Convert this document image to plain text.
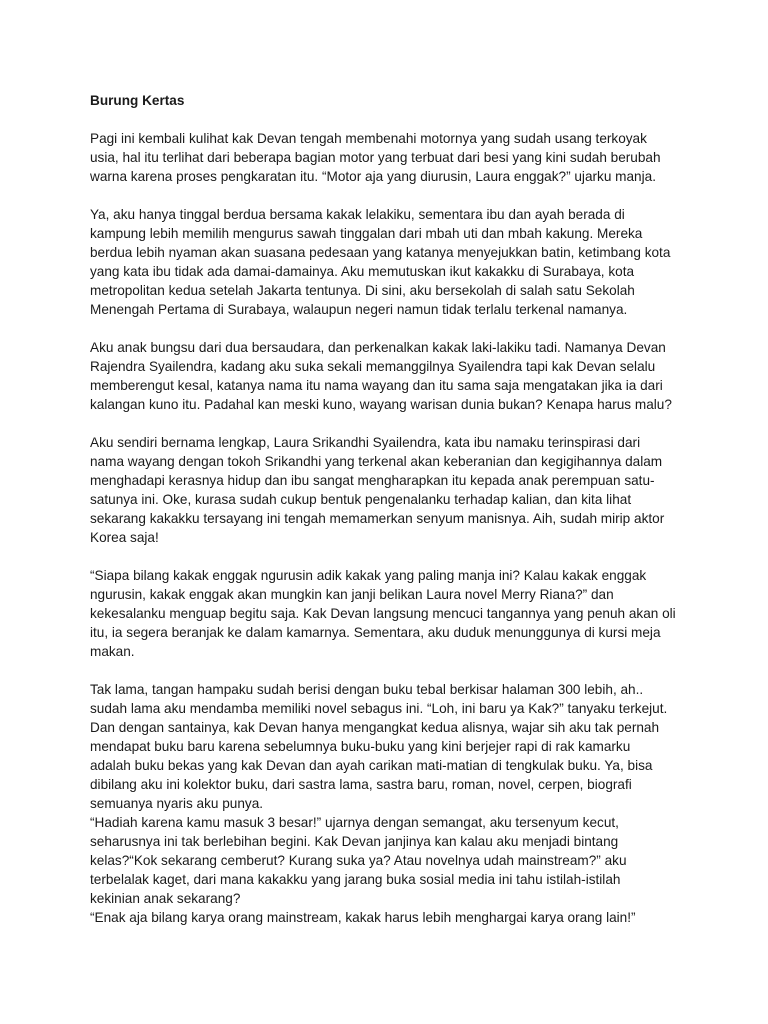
Burung Kertas
Pagi ini kembali kulihat kak Devan tengah membenahi motornya yang sudah usang terkoyak
usia, hal itu terlihat dari beberapa bagian motor yang terbuat dari besi yang kini sudah berubah
warna karena proses pengkaratan itu. “Motor aja yang diurusin, Laura enggak?” ujarku manja.
Ya, aku hanya tinggal berdua bersama kakak lelakiku, sementara ibu dan ayah berada di
kampung lebih memilih mengurus sawah tinggalan dari mbah uti dan mbah kakung. Mereka
berdua lebih nyaman akan suasana pedesaan yang katanya menyejukkan batin, ketimbang kota
yang kata ibu tidak ada damai-damainya. Aku memutuskan ikut kakakku di Surabaya, kota
metropolitan kedua setelah Jakarta tentunya. Di sini, aku bersekolah di salah satu Sekolah
Menengah Pertama di Surabaya, walaupun negeri namun tidak terlalu terkenal namanya.
Aku anak bungsu dari dua bersaudara, dan perkenalkan kakak laki-lakiku tadi. Namanya Devan
Rajendra Syailendra, kadang aku suka sekali memanggilnya Syailendra tapi kak Devan selalu
memberengut kesal, katanya nama itu nama wayang dan itu sama saja mengatakan jika ia dari
kalangan kuno itu. Padahal kan meski kuno, wayang warisan dunia bukan? Kenapa harus malu?
Aku sendiri bernama lengkap, Laura Srikandhi Syailendra, kata ibu namaku terinspirasi dari
nama wayang dengan tokoh Srikandhi yang terkenal akan keberanian dan kegigihannya dalam
menghadapi kerasnya hidup dan ibu sangat mengharapkan itu kepada anak perempuan satu-
satunya ini. Oke, kurasa sudah cukup bentuk pengenalanku terhadap kalian, dan kita lihat
sekarang kakakku tersayang ini tengah memamerkan senyum manisnya. Aih, sudah mirip aktor
Korea saja!
“Siapa bilang kakak enggak ngurusin adik kakak yang paling manja ini? Kalau kakak enggak
ngurusin, kakak enggak akan mungkin kan janji belikan Laura novel Merry Riana?” dan
kekesalanku menguap begitu saja. Kak Devan langsung mencuci tangannya yang penuh akan oli
itu, ia segera beranjak ke dalam kamarnya. Sementara, aku duduk menunggunya di kursi meja
makan.
Tak lama, tangan hampaku sudah berisi dengan buku tebal berkisar halaman 300 lebih, ah..
sudah lama aku mendamba memiliki novel sebagus ini. “Loh, ini baru ya Kak?” tanyaku terkejut.
Dan dengan santainya, kak Devan hanya mengangkat kedua alisnya, wajar sih aku tak pernah
mendapat buku baru karena sebelumnya buku-buku yang kini berjejer rapi di rak kamarku
adalah buku bekas yang kak Devan dan ayah carikan mati-matian di tengkulak buku. Ya, bisa
dibilang aku ini kolektor buku, dari sastra lama, sastra baru, roman, novel, cerpen, biografi
semuanya nyaris aku punya.
“Hadiah karena kamu masuk 3 besar!” ujarnya dengan semangat, aku tersenyum kecut,
seharusnya ini tak berlebihan begini. Kak Devan janjinya kan kalau aku menjadi bintang
kelas?“Kok sekarang cemberut? Kurang suka ya? Atau novelnya udah mainstream?” aku
terbelalak kaget, dari mana kakakku yang jarang buka sosial media ini tahu istilah-istilah
kekinian anak sekarang?
“Enak aja bilang karya orang mainstream, kakak harus lebih menghargai karya orang lain!”
